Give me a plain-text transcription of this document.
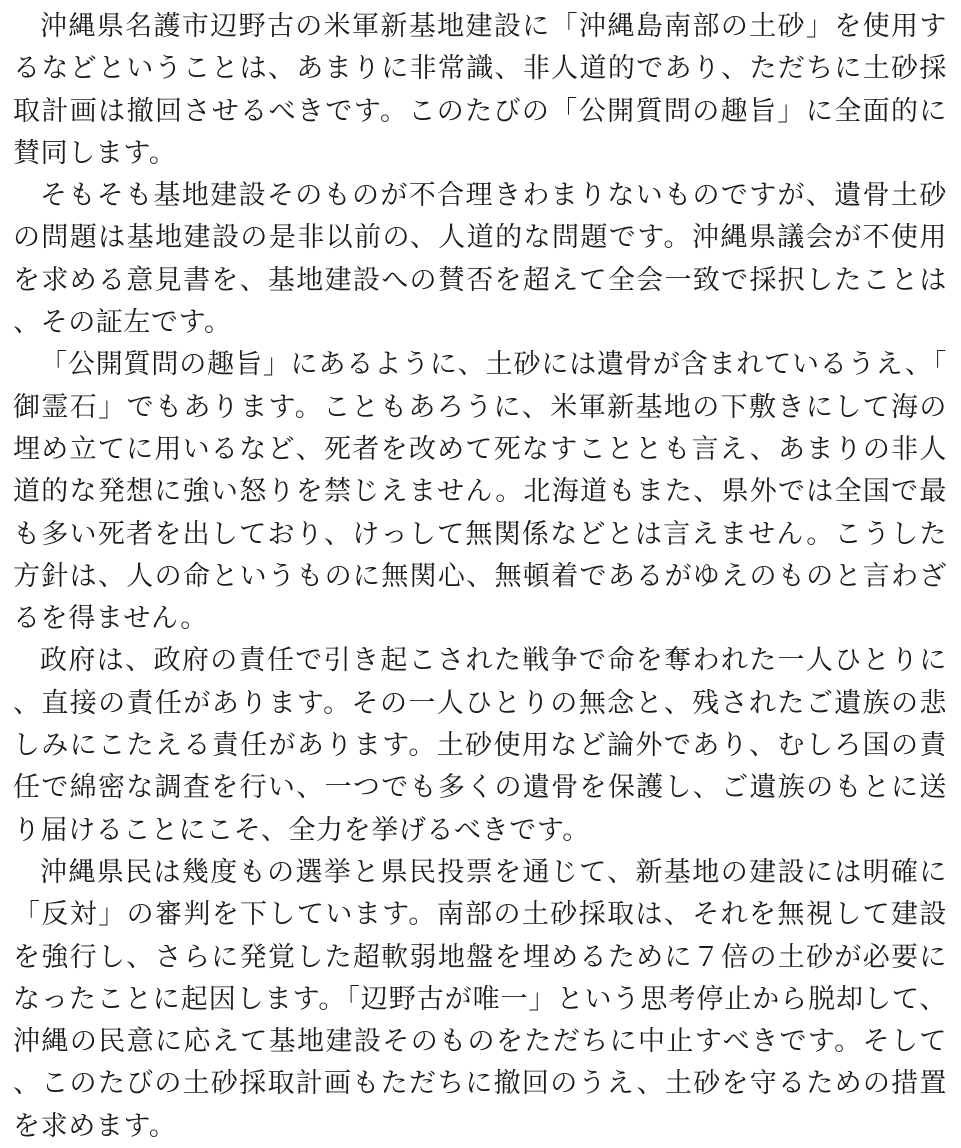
沖縄県名護市辺野古の米軍新基地建設に「沖縄島南部の土砂」を使用するなどということは、あまりに非常識、非人道的であり、ただちに土砂採取計画は撤回させるべきです。このたびの「公開質問の趣旨」に全面的に賛同します。

そもそも基地建設そのものが不合理きわまりないものですが、遺骨土砂の問題は基地建設の是非以前の、人道的な問題です。沖縄県議会が不使用を求める意見書を、基地建設への賛否を超えて全会一致で採択したことは、その証左です。

「公開質問の趣旨」にあるように、土砂には遺骨が含まれているうえ、「御霊石」でもあります。こともあろうに、米軍新基地の下敷きにして海の埋め立てに用いるなど、死者を改めて死なすこととも言え、あまりの非人道的な発想に強い怒りを禁じえません。北海道もまた、県外では全国で最も多い死者を出しており、けっして無関係などとは言えません。こうした方針は、人の命というものに無関心、無頓着であるがゆえのものと言わざるを得ません。

政府は、政府の責任で引き起こされた戦争で命を奪われた一人ひとりに、直接の責任があります。その一人ひとりの無念と、残されたご遺族の悲しみにこたえる責任があります。土砂使用など論外であり、むしろ国の責任で綿密な調査を行い、一つでも多くの遺骨を保護し、ご遺族のもとに送り届けることにこそ、全力を挙げるべきです。

沖縄県民は幾度もの選挙と県民投票を通じて、新基地の建設には明確に「反対」の審判を下しています。南部の土砂採取は、それを無視して建設を強行し、さらに発覚した超軟弱地盤を埋めるために７倍の土砂が必要になったことに起因します。「辺野古が唯一」という思考停止から脱却して、沖縄の民意に応えて基地建設そのものをただちに中止すべきです。そして、このたびの土砂採取計画もただちに撤回のうえ、土砂を守るための措置を求めます。
